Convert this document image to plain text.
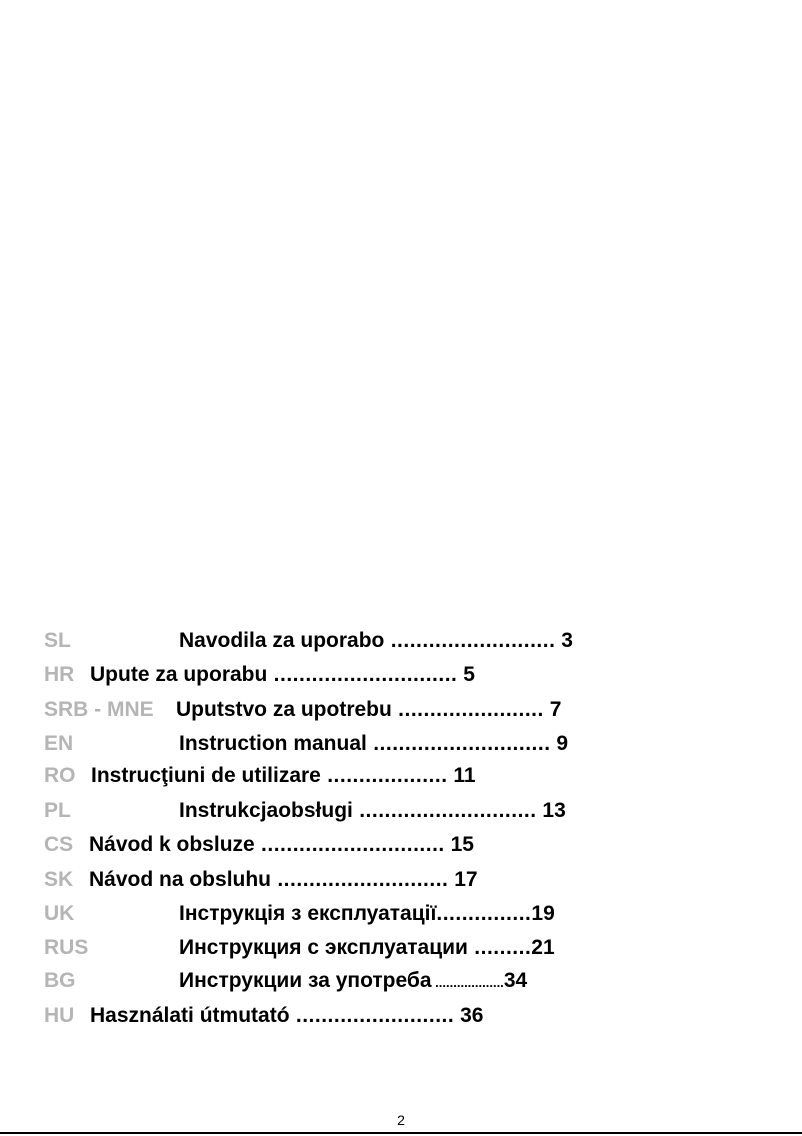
SL	Navodila za uporabo .......................... 3
HR Upute za uporabu ............................. 5
SRB - MNE Uputstvo za upotrebu ....................... 7
EN	Instruction manual ............................ 9
RO Instrucţiuni de utilizare ................... 11
PL	Instrukcjaobsługi ............................ 13
CS Návod k obsluze ............................. 15
SK Návod na obsluhu ........................... 17
UK	Інструкція з експлуатації...............19
RUS	Инструкция с эксплуатации .........21
BG	Инструкции за употреба ...................34
HU Használati útmutató ......................... 36
2
